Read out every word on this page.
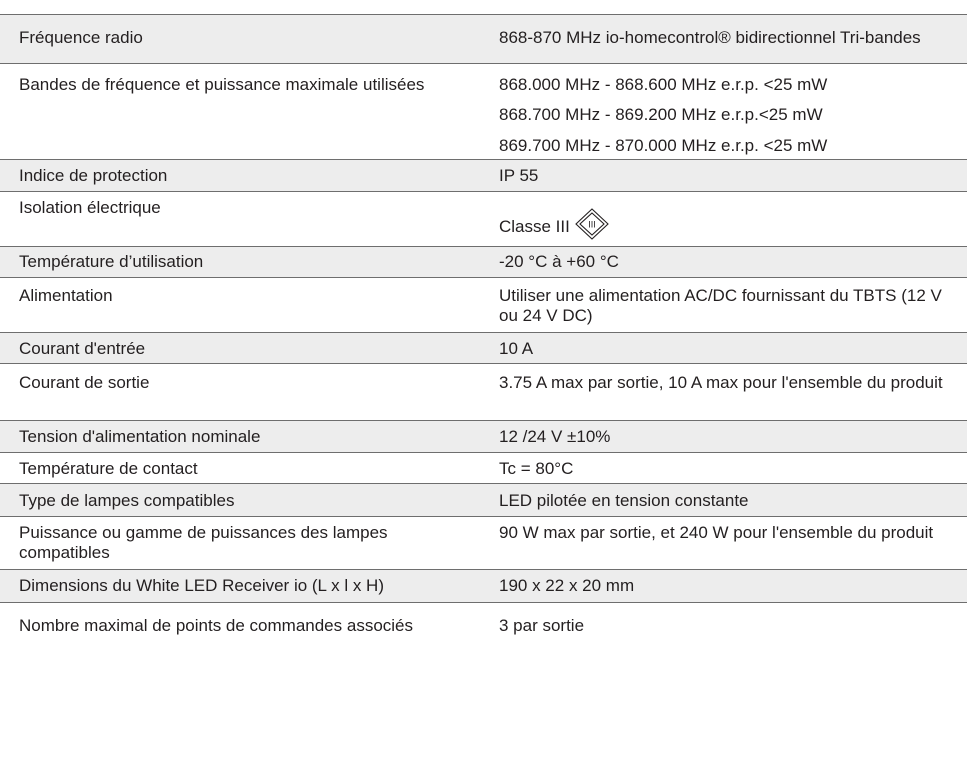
Fréquence radio	868-870 MHz io-homecontrol® bidirectionnel Tri-bandes
Bandes de fréquence et puissance maximale utilisées	868.000 MHz - 868.600 MHz e.r.p. <25 mW
868.700 MHz - 869.200 MHz e.r.p.<25 mW
869.700 MHz - 870.000 MHz e.r.p. <25 mW

Indice de protection	IP 55
Isolation électrique	Classe III III

Température d’utilisation	-20 °C à +60 °C
Alimentation	Utiliser une alimentation AC/DC fournissant du TBTS (12 V ou 24 V DC)
Courant d'entrée	10 A
Courant de sortie	3.75 A max par sortie, 10 A max pour l'ensemble du produit
Tension d'alimentation nominale	12 /24 V ±10%
Température de contact	Tc = 80°C
Type de lampes compatibles	LED pilotée en tension constante
Puissance ou gamme de puissances des lampes compatibles	90 W max par sortie, et 240 W pour l'ensemble du produit
Dimensions du White LED Receiver io (L x l x H)	190 x 22 x 20 mm
Nombre maximal de points de commandes associés	3 par sortie
